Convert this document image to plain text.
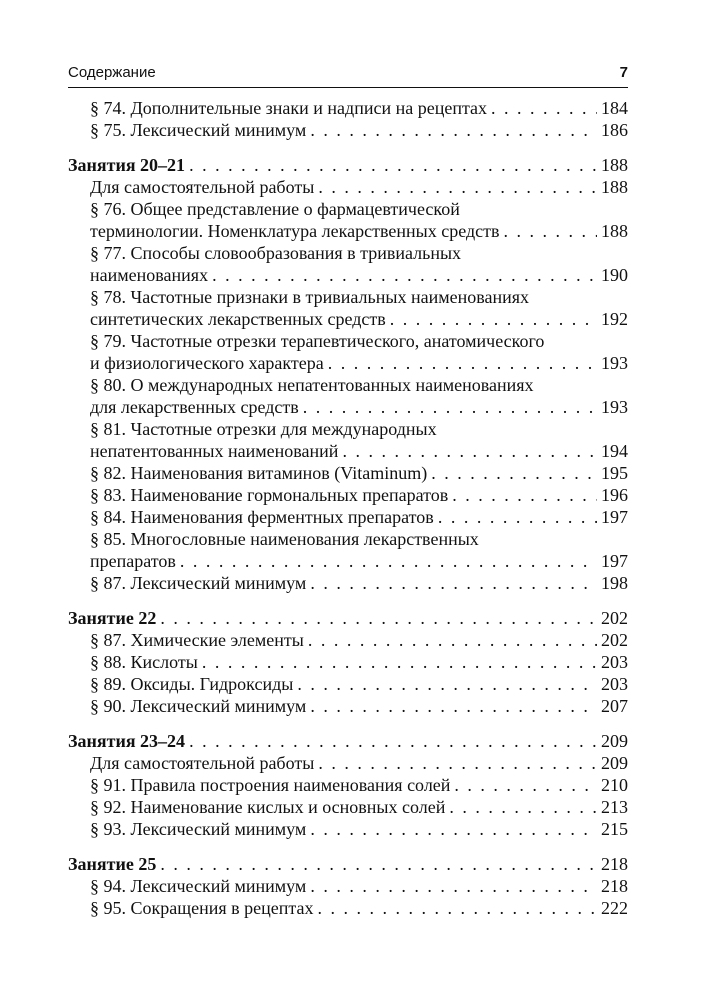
Содержание	7
§ 74. Дополнительные знаки и надписи на рецептах . . .	184
§ 75. Лексический минимум . . .	186
Занятия 20–21 . . .	188
Для самостоятельной работы . . .	188
§ 76. Общее представление о фармацевтической
терминологии. Номенклатура лекарственных средств . . .	188
§ 77. Способы словообразования в тривиальных
наименованиях . . .	190
§ 78. Частотные признаки в тривиальных наименованиях
синтетических лекарственных средств . . .	192
§ 79. Частотные отрезки терапевтического, анатомического
и физиологического характера . . .	193
§ 80. О международных непатентованных наименованиях
для лекарственных средств . . .	193
§ 81. Частотные отрезки для международных
непатентованных наименований . . .	194
§ 82. Наименования витаминов (Vitaminum) . . .	195
§ 83. Наименование гормональных препаратов . . .	196
§ 84. Наименования ферментных препаратов . . .	197
§ 85. Многословные наименования лекарственных
препаратов . . .	197
§ 87. Лексический минимум . . .	198
Занятие 22 . . .	202
§ 87. Химические элементы . . .	202
§ 88. Кислоты . . .	203
§ 89. Оксиды. Гидроксиды . . .	203
§ 90. Лексический минимум . . .	207
Занятия 23–24 . . .	209
Для самостоятельной работы . . .	209
§ 91. Правила построения наименования солей . . .	210
§ 92. Наименование кислых и основных солей . . .	213
§ 93. Лексический минимум . . .	215
Занятие 25 . . .	218
§ 94. Лексический минимум . . .	218
§ 95. Сокращения в рецептах . . .	222
